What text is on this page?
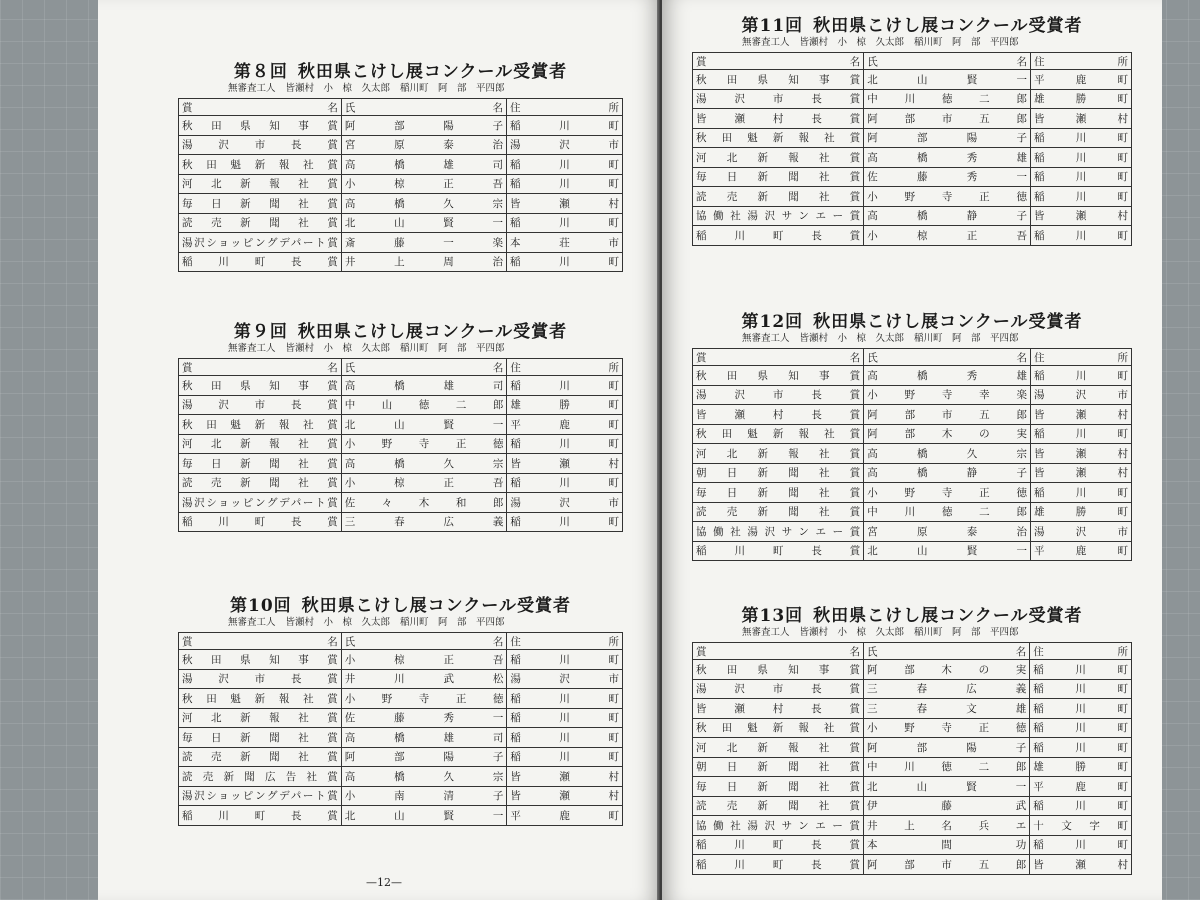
第８回 秋田県こけし展コンクール受賞者
無審査工人 皆瀬村　小　椋　久太郎 稲川町　阿　部　平四郎
賞　名	氏　名	住　所
秋田県知事賞	阿部陽子	稲川町
湯沢市長賞	宮原泰治	湯沢市
秋田魁新報社賞	高橋雄司	稲川町
河北新報社賞	小椋正吾	稲川町
毎日新聞社賞	高橋久宗	皆瀬村
読売新聞社賞	北山賢一	稲川町
湯沢ショッピングデパート賞	斎藤一楽	本荘市
稲川町長賞	井上周治	稲川町
第９回 秋田県こけし展コンクール受賞者
無審査工人 皆瀬村　小　椋　久太郎 稲川町　阿　部　平四郎
賞　名	氏　名	住　所
秋田県知事賞	高橋雄司	稲川町
湯沢市長賞	中山徳二郎	雄勝町
秋田魁新報社賞	北山賢一	平鹿町
河北新報社賞	小野寺正徳	稲川町
毎日新聞社賞	高橋久宗	皆瀬村
読売新聞社賞	小椋正吾	稲川町
湯沢ショッピングデパート賞	佐々木和郎	湯沢市
稲川町長賞	三春広義	稲川町
第10回 秋田県こけし展コンクール受賞者
無審査工人 皆瀬村　小　椋　久太郎 稲川町　阿　部　平四郎
賞　名	氏　名	住　所
秋田県知事賞	小椋正吾	稲川町
湯沢市長賞	井川武松	湯沢市
秋田魁新報社賞	小野寺正徳	稲川町
河北新報社賞	佐藤秀一	稲川町
毎日新聞社賞	高橋雄司	稲川町
読売新聞社賞	阿部陽子	稲川町
読売新聞広告社賞	高橋久宗	皆瀬村
湯沢ショッピングデパート賞	小南清子	皆瀬村
稲川町長賞	北山賢一	平鹿町
—12—
第11回 秋田県こけし展コンクール受賞者
無審査工人 皆瀬村　小　椋　久太郎 稲川町　阿　部　平四郎
賞　名	氏　名	住　所
秋田県知事賞	北山賢一	平鹿町
湯沢市長賞	中川徳二郎	雄勝町
皆瀬村長賞	阿部市五郎	皆瀬村
秋田魁新報社賞	阿部陽子	稲川町
河北新報社賞	高橋秀雄	稲川町
毎日新聞社賞	佐藤秀一	稲川町
読売新聞社賞	小野寺正徳	稲川町
協働社湯沢サンエー賞	高橋静子	皆瀬村
稲川町長賞	小椋正吾	稲川町
第12回 秋田県こけし展コンクール受賞者
無審査工人 皆瀬村　小　椋　久太郎 稲川町　阿　部　平四郎
賞　名	氏　名	住　所
秋田県知事賞	高橋秀雄	稲川町
湯沢市長賞	小野寺幸楽	湯沢市
皆瀬村長賞	阿部市五郎	皆瀬村
秋田魁新報社賞	阿部木の実	稲川町
河北新報社賞	高橋久宗	皆瀬村
朝日新聞社賞	高橋静子	皆瀬村
毎日新聞社賞	小野寺正徳	稲川町
読売新聞社賞	中川徳二郎	雄勝町
協働社湯沢サンエー賞	宮原泰治	湯沢市
稲川町長賞	北山賢一	平鹿町
第13回 秋田県こけし展コンクール受賞者
無審査工人 皆瀬村　小　椋　久太郎 稲川町　阿　部　平四郎
賞　名	氏　名	住　所
秋田県知事賞	阿部木の実	稲川町
湯沢市長賞	三春広義	稲川町
皆瀬村長賞	三春文雄	稲川町
秋田魁新報社賞	小野寺正徳	稲川町
河北新報社賞	阿部陽子	稲川町
朝日新聞社賞	中川徳二郎	雄勝町
毎日新聞社賞	北山賢一	平鹿町
読売新聞社賞	伊藤武	稲川町
協働社湯沢サンエー賞	井上名兵エ	十文字町
稲川町長賞	本間功	稲川町
稲川町長賞	阿部市五郎	皆瀬村
